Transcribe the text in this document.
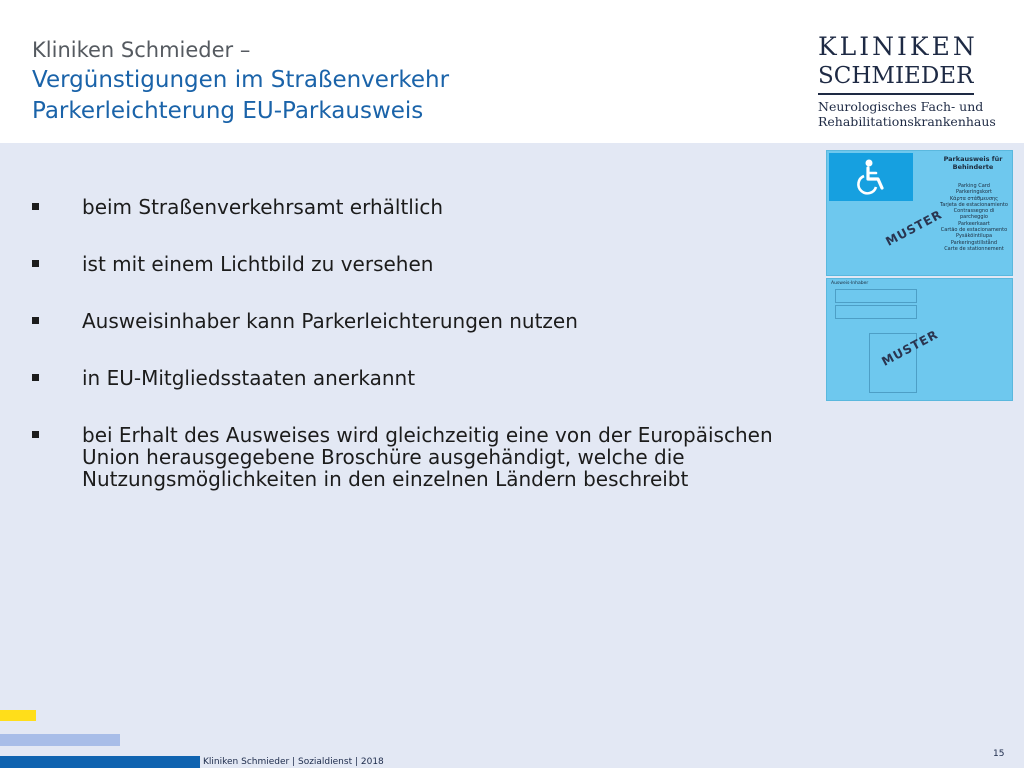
Kliniken Schmieder –
Vergünstigungen im Straßenverkehr
Parkerleichterung EU-Parkausweis
KLINIKEN
SCHMIEDER
Neurologisches Fach- und
Rehabilitationskrankenhaus
beim Straßenverkehrsamt erhältlich
ist mit einem Lichtbild zu versehen
Ausweisinhaber kann Parkerleichterungen nutzen
in EU-Mitgliedsstaaten anerkannt
bei Erhalt des Ausweises wird gleichzeitig eine von der Europäischen Union herausgegebene Broschüre ausgehändigt, welche die Nutzungsmöglichkeiten in den einzelnen Ländern beschreibt
Parkausweis für Behinderte
Parking Card
Parkeringskort
Κάρτα στάθμευσης
Tarjeta de estacionamiento
Contrassegno di parcheggio
Parkeerkaart
Cartão de estacionamento
Pysäköintilupa
Parkeringstillstånd
Carte de stationnement
MUSTER
Ausweis-Inhaber

MUSTER
Kliniken Schmieder | Sozialdienst | 2018
15
